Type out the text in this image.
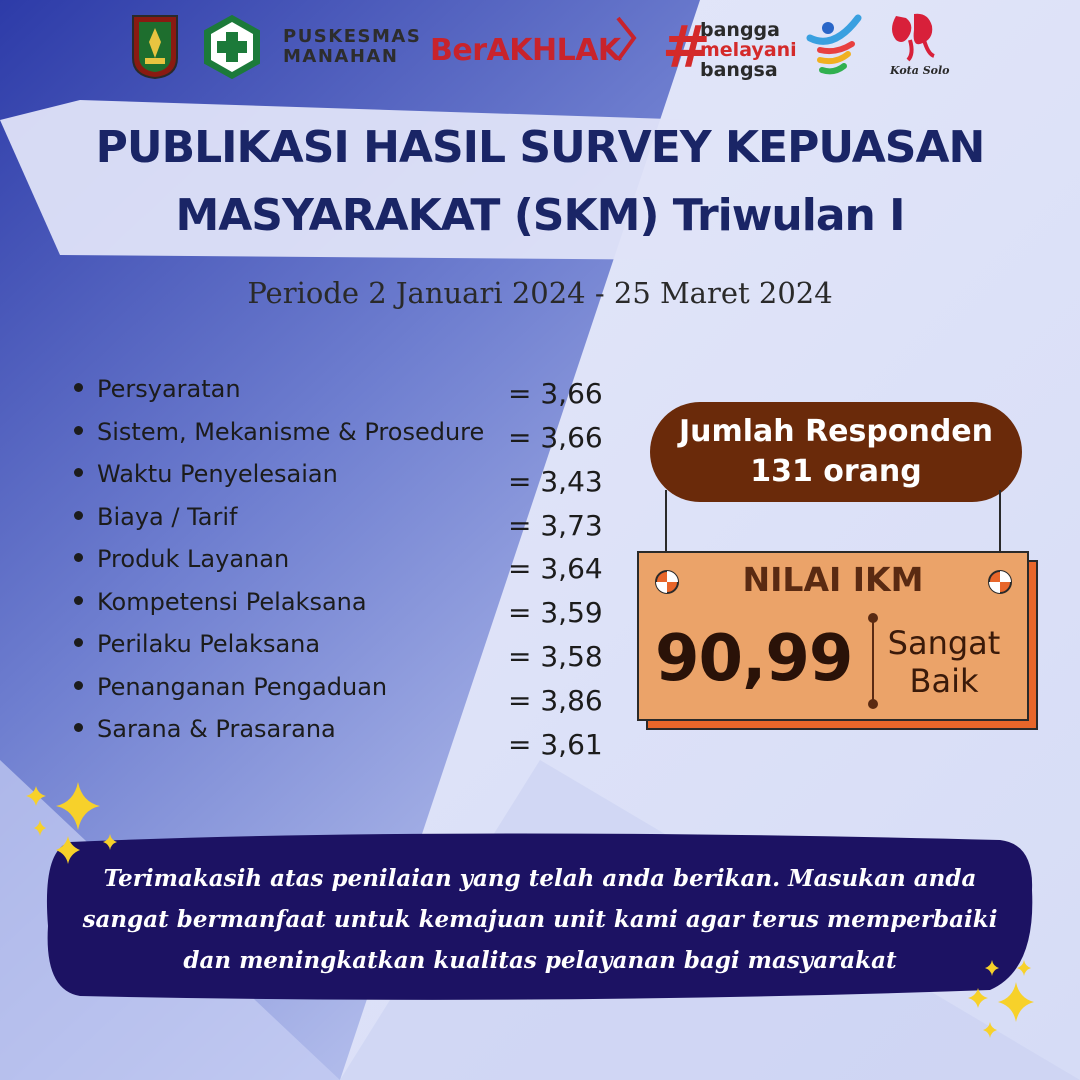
PUSKESMAS
MANAHAN	BerAKHLAK #
bangga
melayani
bangsa	Kota Solo
PUBLIKASI HASIL SURVEY KEPUASAN
MASYARAKAT (SKM) Triwulan I
Periode 2 Januari 2024 - 25 Maret 2024
Persyaratan	= 3,66
Sistem, Mekanisme & Prosedure = 3,66
Waktu Penyelesaian	= 3,43
Biaya / Tarif	= 3,73
Produk Layanan	= 3,64
Kompetensi Pelaksana	= 3,59
Perilaku Pelaksana	= 3,58
Penanganan Pengaduan	= 3,86
Sarana & Prasarana	= 3,61
Jumlah Responden
131 orang
NILAI IKM
90,99 Sangat
Baik
Terimakasih atas penilaian yang telah anda berikan. Masukan anda
sangat bermanfaat untuk kemajuan unit kami agar terus memperbaiki
dan meningkatkan kualitas pelayanan bagi masyarakat
